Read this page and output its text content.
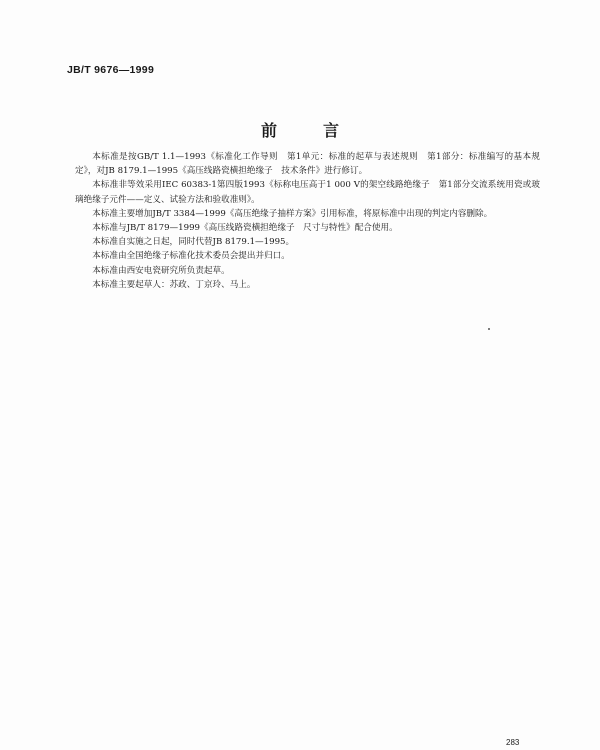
JB/T 9676—1999
前言

本标准是按GB/T 1.1—1993《标准化工作导则　第1单元：标准的起草与表述规则　第1部分：标准编写的基本规定》，对JB 8179.1—1995《高压线路瓷横担绝缘子　技术条件》进行修订。

本标准非等效采用IEC 60383-1第四版1993《标称电压高于1 000 V的架空线路绝缘子　第1部分交流系统用瓷或玻璃绝缘子元件——定义、试验方法和验收准则》。

本标准主要增加JB/T 3384—1999《高压绝缘子抽样方案》引用标准，将原标准中出现的判定内容删除。

本标准与JB/T 8179—1999《高压线路瓷横担绝缘子　尺寸与特性》配合使用。

本标准自实施之日起，同时代替JB 8179.1—1995。

本标准由全国绝缘子标准化技术委员会提出并归口。

本标准由西安电瓷研究所负责起草。

本标准主要起草人：苏政、丁京玲、马上。

283
